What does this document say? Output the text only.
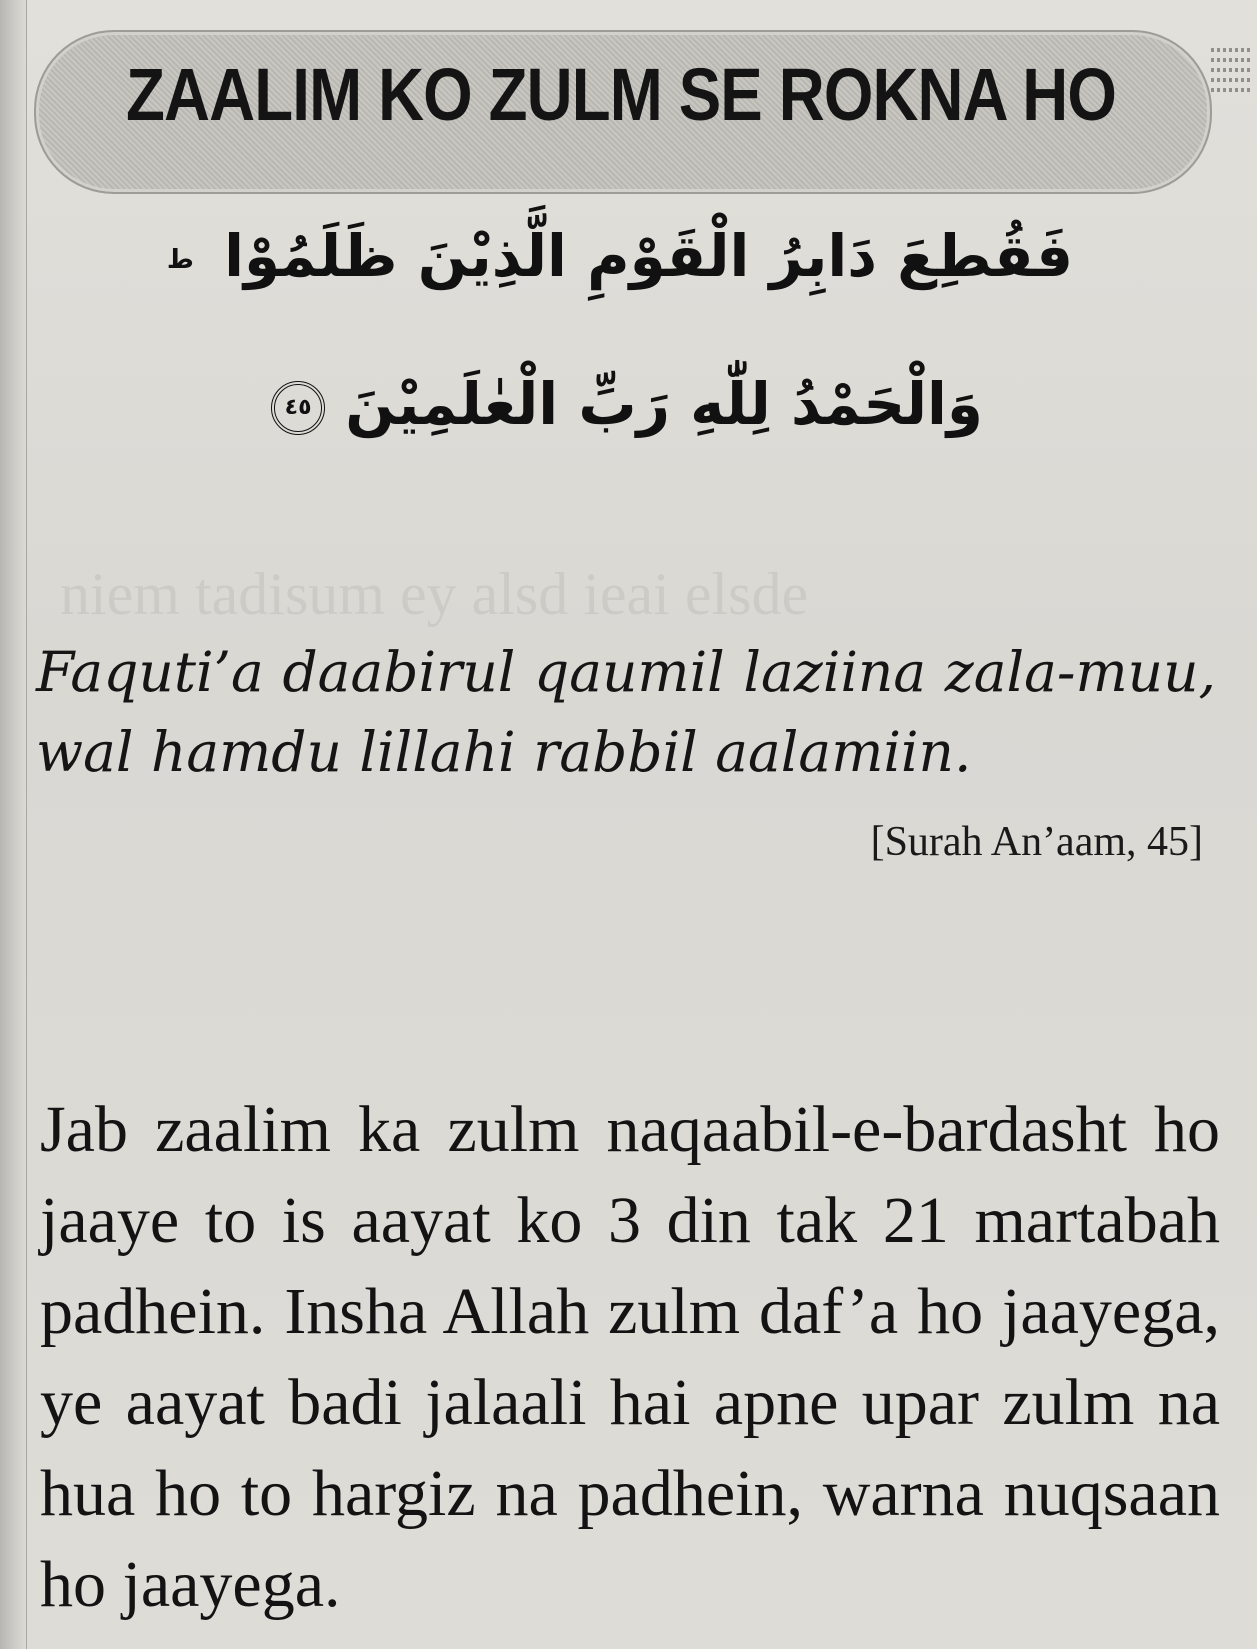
niem tadisum ey alsd ieai elsde
ZAALIM KO ZULM SE ROKNA HO
فَقُطِعَ دَابِرُ الْقَوْمِ الَّذِيْنَ ظَلَمُوْا ط
وَالْحَمْدُ لِلّٰهِ رَبِّ الْعٰلَمِيْنَ ٤٥
Faquti’a daabirul qaumil laziina zala-muu, wal hamdu lillahi rabbil aalamiin.
[Surah An’aam, 45]
Jab zaalim ka zulm naqaabil-e-bardasht ho jaaye to is aayat ko 3 din tak 21 martabah padhein. Insha Allah zulm daf’a ho jaayega, ye aayat badi jalaali hai apne upar zulm na hua ho to hargiz na padhein, warna nuqsaan ho jaayega.
